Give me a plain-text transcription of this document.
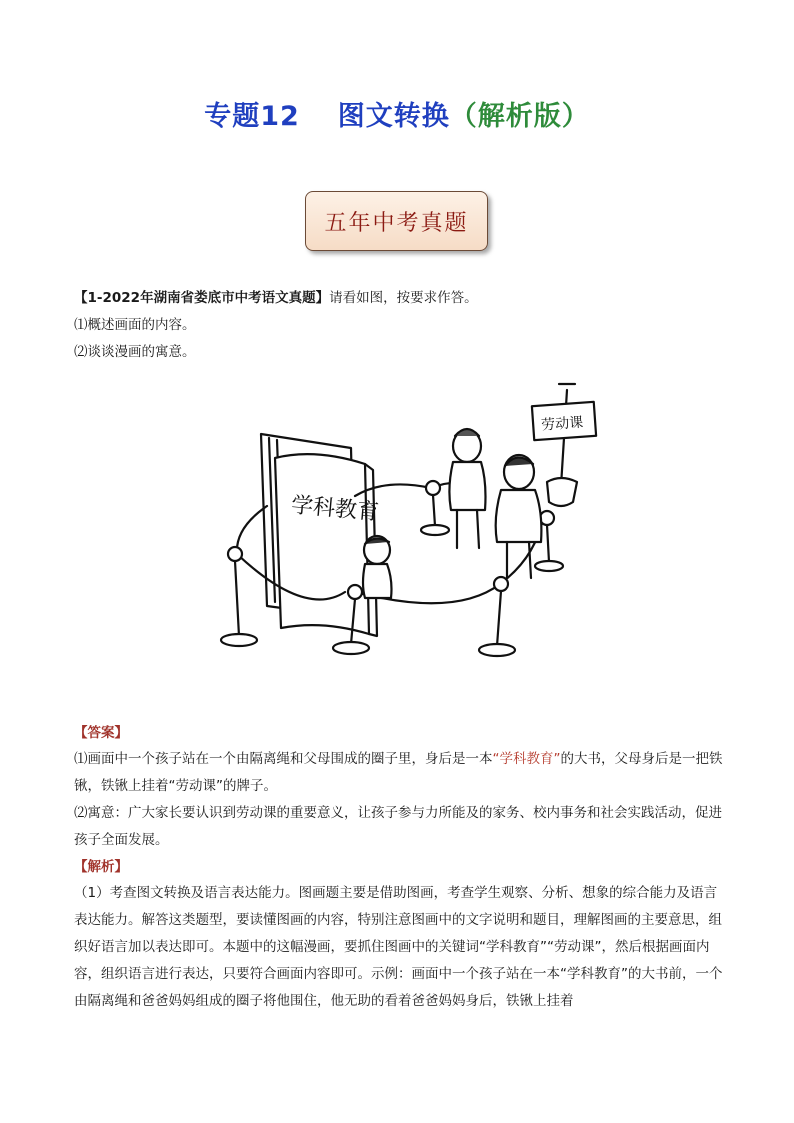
专题12 图文转换（解析版）
五年中考真题
【1-2022年湖南省娄底市中考语文真题】请看如图，按要求作答。
⑴概述画面的内容。
⑵谈谈漫画的寓意。
学科教育
劳动课
【答案】
⑴画面中一个孩子站在一个由隔离绳和父母围成的圈子里，身后是一本“学科教育”的大书，父母身后是一把铁锹，铁锹上挂着“劳动课”的牌子。
⑵寓意：广大家长要认识到劳动课的重要意义，让孩子参与力所能及的家务、校内事务和社会实践活动，促进孩子全面发展。
【解析】
（1）考查图文转换及语言表达能力。图画题主要是借助图画，考查学生观察、分析、想象的综合能力及语言表达能力。解答这类题型，要读懂图画的内容，特别注意图画中的文字说明和题目，理解图画的主要意思，组织好语言加以表达即可。本题中的这幅漫画，要抓住图画中的关键词“学科教育”“劳动课”，然后根据画面内容，组织语言进行表达，只要符合画面内容即可。示例：画面中一个孩子站在一本“学科教育”的大书前，一个由隔离绳和爸爸妈妈组成的圈子将他围住，他无助的看着爸爸妈妈身后，铁锹上挂着
